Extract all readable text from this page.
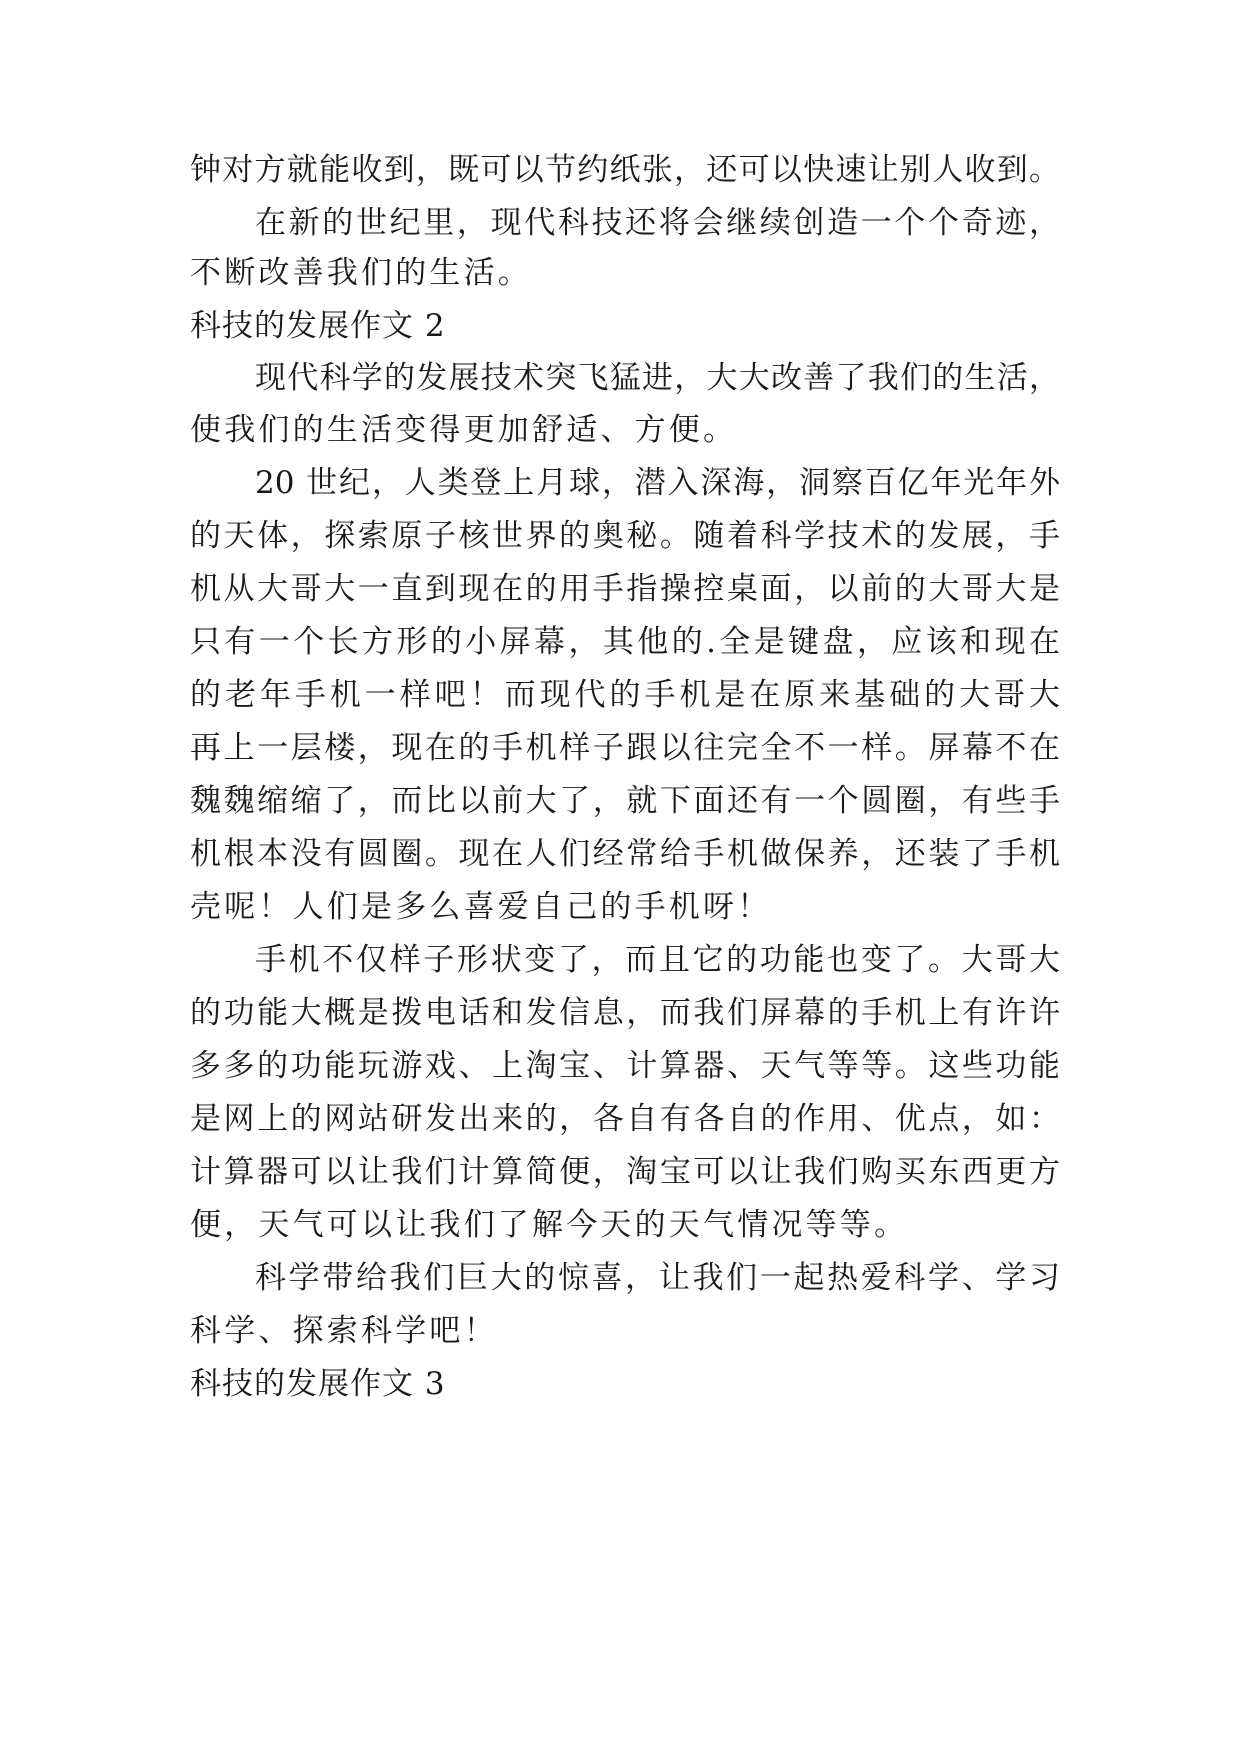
钟对方就能收到，既可以节约纸张，还可以快速让别人收到。

在新的世纪里，现代科技还将会继续创造一个个奇迹，

不断改善我们的生活。

科技的发展作文 2

现代科学的发展技术突飞猛进，大大改善了我们的生活，

使我们的生活变得更加舒适、方便。

20 世纪，人类登上月球，潜入深海，洞察百亿年光年外

的天体，探索原子核世界的奥秘。随着科学技术的发展，手

机从大哥大一直到现在的用手指操控桌面，以前的大哥大是

只有一个长方形的小屏幕，其他的.全是键盘，应该和现在

的老年手机一样吧！而现代的手机是在原来基础的大哥大

再上一层楼，现在的手机样子跟以往完全不一样。屏幕不在

魏魏缩缩了，而比以前大了，就下面还有一个圆圈，有些手

机根本没有圆圈。现在人们经常给手机做保养，还装了手机

壳呢！人们是多么喜爱自己的手机呀！

手机不仅样子形状变了，而且它的功能也变了。大哥大

的功能大概是拨电话和发信息，而我们屏幕的手机上有许许

多多的功能玩游戏、上淘宝、计算器、天气等等。这些功能

是网上的网站研发出来的，各自有各自的作用、优点，如：

计算器可以让我们计算简便，淘宝可以让我们购买东西更方

便，天气可以让我们了解今天的天气情况等等。

科学带给我们巨大的惊喜，让我们一起热爱科学、学习

科学、探索科学吧！

科技的发展作文 3
